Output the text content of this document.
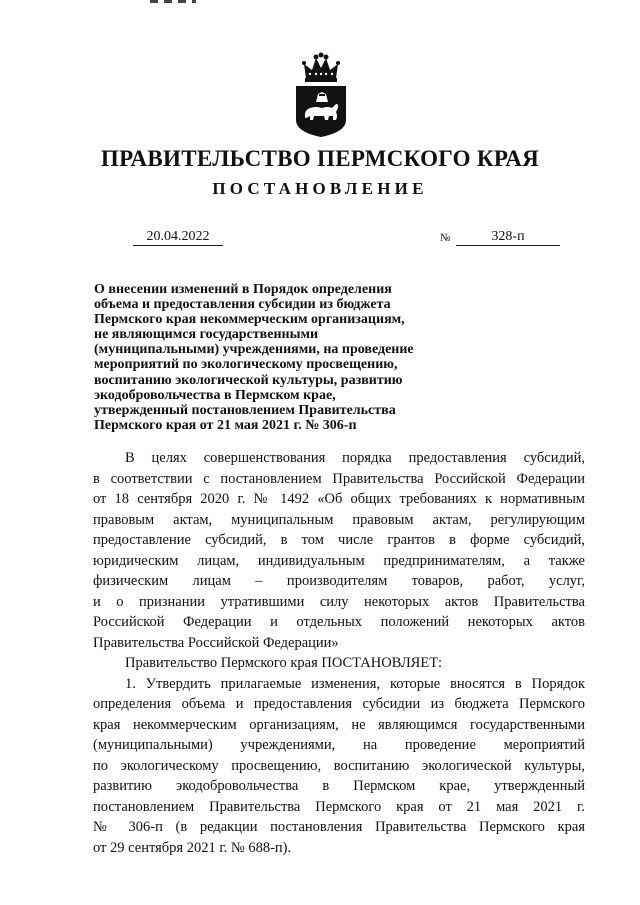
ПРАВИТЕЛЬСТВО ПЕРМСКОГО КРАЯ
ПОСТАНОВЛЕНИЕ
20.04.2022	№	328-п

О внесении изменений в Порядок определения
объема и предоставления субсидии из бюджета
Пермского края некоммерческим организациям,
не являющимся государственными
(муниципальными) учреждениями, на проведение
мероприятий по экологическому просвещению,
воспитанию экологической культуры, развитию
экодобровольчества в Пермском крае,
утвержденный постановлением Правительства
Пермского края от 21 мая 2021 г. № 306-п

В целях совершенствования порядка предоставления субсидий,
в соответствии с постановлением Правительства Российской Федерации
от 18 сентября 2020 г. № 1492 «Об общих требованиях к нормативным
правовым актам, муниципальным правовым актам, регулирующим
предоставление субсидий, в том числе грантов в форме субсидий,
юридическим лицам, индивидуальным предпринимателям, а также
физическим лицам – производителям товаров, работ, услуг,
и о признании утратившими силу некоторых актов Правительства
Российской Федерации и отдельных положений некоторых актов
Правительства Российской Федерации»
Правительство Пермского края ПОСТАНОВЛЯЕТ:
1. Утвердить прилагаемые изменения, которые вносятся в Порядок
определения объема и предоставления субсидии из бюджета Пермского
края некоммерческим организациям, не являющимся государственными
(муниципальными) учреждениями, на проведение мероприятий
по экологическому просвещению, воспитанию экологической культуры,
развитию экодобровольчества в Пермском крае, утвержденный
постановлением Правительства Пермского края от 21 мая 2021 г.
№ 306-п (в редакции постановления Правительства Пермского края
от 29 сентября 2021 г. № 688-п).
